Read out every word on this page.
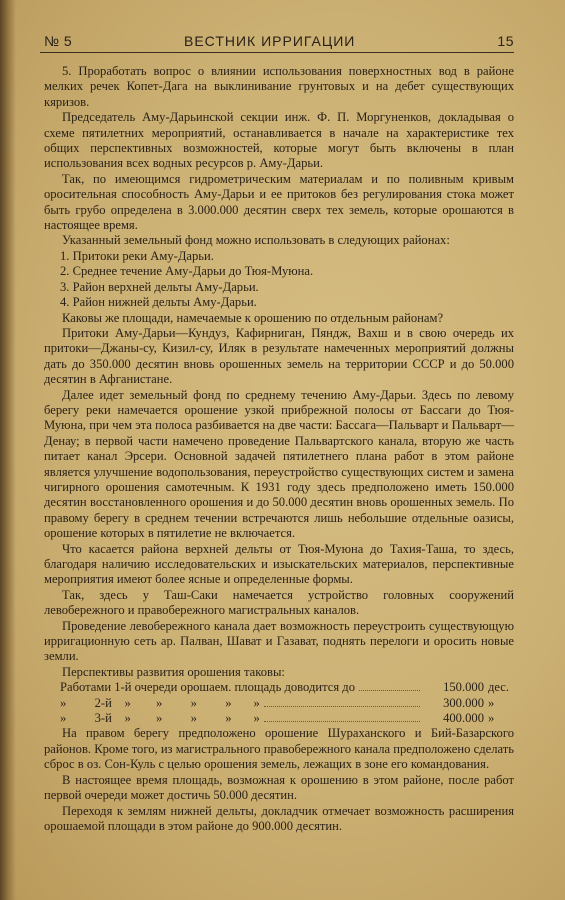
№ 5	ВЕСТНИК ИРРИГАЦИИ	15

5. Проработать вопрос о влиянии использования поверхностных вод в районе мелких речек Копет-Дага на выклинивание грунтовых и на дебет существующих кяризов.

Председатель Аму-Дарьинской секции инж. Ф. П. Моргуненков, докладывая о схеме пятилетних мероприятий, останавливается в начале на характеристике тех общих перспективных возможностей, которые могут быть включены в план использования всех водных ресурсов р. Аму-Дарьи.

Так, по имеющимся гидрометрическим материалам и по поливным кривым оросительная способность Аму-Дарьи и ее притоков без регулирования стока может быть грубо определена в 3.000.000 десятин сверх тех земель, которые орошаются в настоящее время.

Указанный земельный фонд можно использовать в следующих районах:

1. Притоки реки Аму-Дарьи.

2. Среднее течение Аму-Дарьи до Тюя-Муюна.

3. Район верхней дельты Аму-Дарьи.

4. Район нижней дельты Аму-Дарьи.

Каковы же площади, намечаемые к орошению по отдельным районам?

Притоки Аму-Дарьи—Кундуз, Кафирниган, Пяндж, Вахш и в свою очередь их притоки—Джаны-су, Кизил-су, Иляк в результате намеченных мероприятий должны дать до 350.000 десятин вновь орошенных земель на территории СССР и до 50.000 десятин в Афганистане.

Далее идет земельный фонд по среднему течению Аму-Дарьи. Здесь по левому берегу реки намечается орошение узкой прибрежной полосы от Бассаги до Тюя-Муюна, при чем эта полоса разбивается на две части: Бассага—Пальварт и Пальварт—Денау; в первой части намечено проведение Пальвартского канала, вторую же часть питает канал Эрсери. Основной задачей пятилетнего плана работ в этом районе является улучшение водопользования, переустройство существующих систем и замена чигирного орошения самотечным. К 1931 году здесь предположено иметь 150.000 десятин восстановленного орошения и до 50.000 десятин вновь орошенных земель. По правому берегу в среднем течении встречаются лишь небольшие отдельные оазисы, орошение которых в пятилетие не включается.

Что касается района верхней дельты от Тюя-Муюна до Тахия-Таша, то здесь, благодаря наличию исследовательских и изыскательских материалов, перспективные мероприятия имеют более ясные и определенные формы.

Так, здесь у Таш-Саки намечается устройство головных сооружений левобережного и правобережного магистральных каналов.

Проведение левобережного канала дает возможность переустроить существующую ирригационную сеть ар. Палван, Шават и Газават, поднять перелоги и оросить новые земли.

Перспективы развития орошения таковы:

Работами 1-й очереди орошаем. площадь доводится до	150.000 дес.
»         2-й    »        »         »         »       »	300.000 »
»         3-й    »        »         »         »       »	400.000 »

На правом берегу предположено орошение Шураханского и Бий-Базарского районов. Кроме того, из магистрального правобережного канала предположено сделать сброс в оз. Сон-Куль с целью орошения земель, лежащих в зоне его командования.

В настоящее время площадь, возможная к орошению в этом районе, после работ первой очереди может достичь 50.000 десятин.

Переходя к землям нижней дельты, докладчик отмечает возможность расширения орошаемой площади в этом районе до 900.000 десятин.
